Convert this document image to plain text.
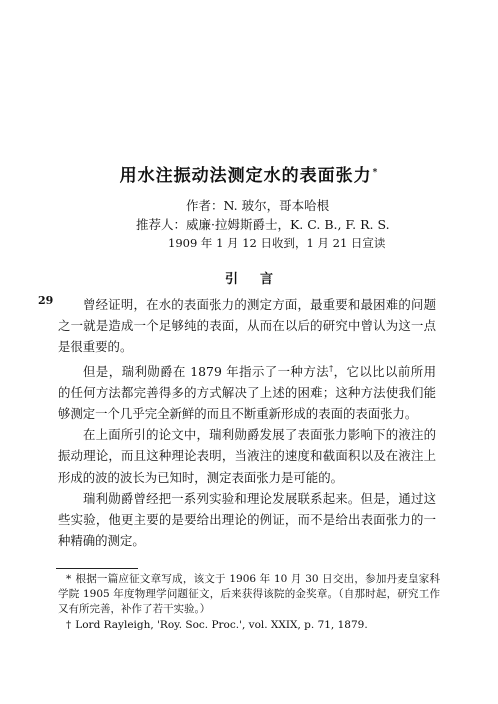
用水注振动法测定水的表面张力*
作者：N. 玻尔，哥本哈根
推荐人：威廉·拉姆斯爵士，K. C. B., F. R. S.
1909 年 1 月 12 日收到，1 月 21 日宣读
引言
29	曾经证明，在水的表面张力的测定方面，最重要和最困难的问题之一就是造成一个足够纯的表面，从而在以后的研究中曾认为这一点是很重要的。

但是，瑞利勋爵在 1879 年指示了一种方法†，它以比以前所用的任何方法都完善得多的方式解决了上述的困难；这种方法使我们能够测定一个几乎完全新鲜的而且不断重新形成的表面的表面张力。

在上面所引的论文中，瑞利勋爵发展了表面张力影响下的液注的振动理论，而且这种理论表明，当液注的速度和截面积以及在液注上形成的波的波长为已知时，测定表面张力是可能的。

瑞利勋爵曾经把一系列实验和理论发展联系起来。但是，通过这些实验，他更主要的是要给出理论的例证，而不是给出表面张力的一种精确的测定。

* 根据一篇应征文章写成，该文于 1906 年 10 月 30 日交出，参加丹麦皇家科学院 1905 年度物理学问题征文，后来获得该院的金奖章。（自那时起，研究工作又有所完善，补作了若干实验。）

† Lord Rayleigh, 'Roy. Soc. Proc.', vol. XXIX, p. 71, 1879.
